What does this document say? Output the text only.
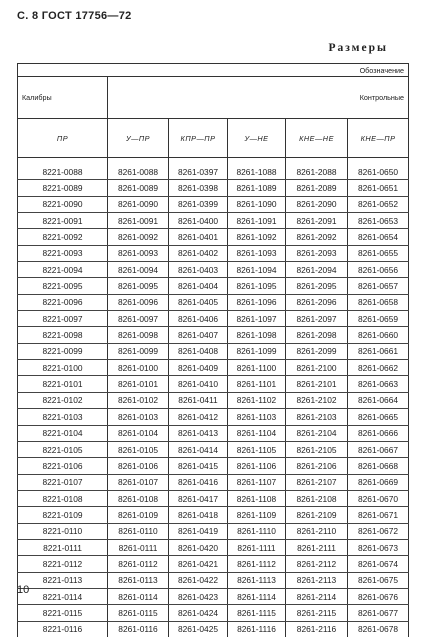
С. 8 ГОСТ 17756—72
Размеры
Обозначение					
Калибры	Контрольные				
ПР	У—ПР	КПР—ПР	У—НЕ	КНЕ—НЕ	КНЕ—ПР

8221-0088	8261-0088	8261-0397	8261-1088	8261-2088	8261-0650
8221-0089	8261-0089	8261-0398	8261-1089	8261-2089	8261-0651
8221-0090	8261-0090	8261-0399	8261-1090	8261-2090	8261-0652
8221-0091	8261-0091	8261-0400	8261-1091	8261-2091	8261-0653
8221-0092	8261-0092	8261-0401	8261-1092	8261-2092	8261-0654
8221-0093	8261-0093	8261-0402	8261-1093	8261-2093	8261-0655
8221-0094	8261-0094	8261-0403	8261-1094	8261-2094	8261-0656
8221-0095	8261-0095	8261-0404	8261-1095	8261-2095	8261-0657
8221-0096	8261-0096	8261-0405	8261-1096	8261-2096	8261-0658
8221-0097	8261-0097	8261-0406	8261-1097	8261-2097	8261-0659
8221-0098	8261-0098	8261-0407	8261-1098	8261-2098	8261-0660
8221-0099	8261-0099	8261-0408	8261-1099	8261-2099	8261-0661
8221-0100	8261-0100	8261-0409	8261-1100	8261-2100	8261-0662
8221-0101	8261-0101	8261-0410	8261-1101	8261-2101	8261-0663
8221-0102	8261-0102	8261-0411	8261-1102	8261-2102	8261-0664
8221-0103	8261-0103	8261-0412	8261-1103	8261-2103	8261-0665
8221-0104	8261-0104	8261-0413	8261-1104	8261-2104	8261-0666
8221-0105	8261-0105	8261-0414	8261-1105	8261-2105	8261-0667
8221-0106	8261-0106	8261-0415	8261-1106	8261-2106	8261-0668
8221-0107	8261-0107	8261-0416	8261-1107	8261-2107	8261-0669
8221-0108	8261-0108	8261-0417	8261-1108	8261-2108	8261-0670
8221-0109	8261-0109	8261-0418	8261-1109	8261-2109	8261-0671
8221-0110	8261-0110	8261-0419	8261-1110	8261-2110	8261-0672
8221-0111	8261-0111	8261-0420	8261-1111	8261-2111	8261-0673
8221-0112	8261-0112	8261-0421	8261-1112	8261-2112	8261-0674
8221-0113	8261-0113	8261-0422	8261-1113	8261-2113	8261-0675
8221-0114	8261-0114	8261-0423	8261-1114	8261-2114	8261-0676
8221-0115	8261-0115	8261-0424	8261-1115	8261-2115	8261-0677
8221-0116	8261-0116	8261-0425	8261-1116	8261-2116	8261-0678
10
